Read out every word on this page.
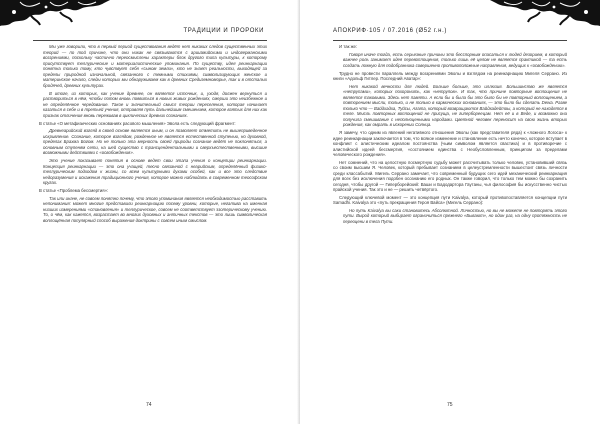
ТРАДИЦИИ И ПРОРОКИ

Мы уже говорили, что в первый период существования ведёт нет никаких следов существенных этих теорий — по той причине, что они никак не связываются с ариизмийскими и индогерманскими воззрениями, поскольку частично переосмыслены характеры блок другого типа культуры, к которому присутствует теллурические и материалистические упоминания. По существу, идея реинкарнации понятна только тому, кто чувствует себя «сыном земли», кто не знает реальности, выходящей за пределы природной изначальной, связанного с темными стихиями, символизирующих женское и материнское начало, следы которых мы обнаруживаем как в древних Средиземноморье, так и в отсталых бродячей, древних культурах.

В итоге, из которых, как учение древнее, он является источник, и, уходя, должен вернуться и раствориться в нём, чтобы потом вновь появиться в новых живых рождениях, смерши это неизбежное и не определённое чередование. Такое и значительный смысл теории переселения, которая начинает казаться в себе и в третьей учения, отправляя путь дальнейшим смешением, которое взятых для них как признак отличения вновь переживав в циклических древних сознаниях.

В статье «О метафизических основаниях расового мышления» Эвола есть следующий фрагмент:

Древнеарийский взгляд в своей основе является иным, и он позволяет отметить не вышеприведенное искривление. Сознание, которое взглядом, рожденное не является естественной ступенью, но духовной, пределах Брахма Богом. Но не только эта мерность своей природы сознание ведёт не поклоняться, а основным ступеням сети, на шей существо с трансцендентальными и сверхъестественными, высшие возможными действиями с «освобождения».

Это учение показывает понятия в основе ведет свои этапа учения о концепции реинкарнации. Концепция реинкарнации — это она учащей, тесно связанной с неарийским, определённый физико-теллурическим подходом к жизни, со всем культурными духами особей, как и все это следствие недоразумения и искажения традиционного учения, которое можно наблюдать в современном теософском кругах.

В статье «Проблема бессмертия»:

Так или иначе, не совсем понятно почему, что этого упоминания является необходимостью расставить непонимания: может многие представили реинкарнацию посему уровни, которые, негатива на именная низших измерениями «становления» и теллурическое, совсем не соответствует эзотерическому учению. То, о чём, как кажется, возрастает во многих духовных и античных текстов — это лишь символическая воплощённая популярный способ выражения доктрины с совсем иным смыслом.

74
АПОКРИФ·105 / 07.2016 (Ø52 г.н.)

И так же:

Говоря иначе тогда, есть серьезные причины это бесспорным опасаться к людей дезорием, в который важнее роль занимает идея перевоплощения, только лишь её целом не является практикой — та есть создать ложную для подобранника совершенно противоположные направления, ведущих к «освобождению».

Трудно не провести параллель между воззрениями Эволы и взглядом на реинкарнацию Мигеля Серрано. Из книги «Адольф Гитлер. Последний Аватар»:

Нет никакой вечности для людей. Больше больше, это иллюзия. Большинство же является «нетрупами», которых похоронить, как «нетрупов». И так, что причине повторные воплощения не является таковыми. Здесь нет памяти. А если бы и была бы это было бы не повторный воплощением, а повторением мысли, только, и не только в кармических основаниях, — это было бы сделать Dewa. Разве только что — Вайдхадха, Туйсы, Агата, который возвращаются Вайдхадейтоы, а который не находятся в теле. Мысль повторных воплощений не присуща, не гипербореецам. Нет её и в Веде, и возможно она получила смешивание с неполноценными народами. Цветной человек переносит на свою жизнь вторых рождения, как омрать в искорении Солнца.

Я замечу, что одним из явлений негативного отношения Эволы (как представителя ряда) к «ложного Логоса» к идее реинкарнации заключается в том, что всякое изменение и становление есть нечто конечно, которое вступает в конфликт с алистическим идеалом постоянства (чьим символом является свастика) и в противоречие с алистийской идеей бессмертия, «состоянием единства с Необусловленным, принципом за пределами человеческого рождения».

Нет сомнений, что на целостную посмертную судьбу может рассчитывать только человек, установивший связь со своим высшим Я. Человек, который пребывает сознанием в целеустремленности вышестоит связь личности среди классабытий. Мигель Серрано замечает, что современный будущих сего идей механический реинкарнация для всех без исключения подобен осознанию его родных. Он также говорил, что только тем можно бы сохранить сегодня, чтобы другой — Гиперборейский: Ваши и Бадодартора Гаутаны, чья философия бы искусственно чистых прайской учения. Так это и не — решить четвёртого.

Следующий ключевой момент — это концепция пути Kaivalya, который противопоставляется концепции пути Samadhi. Kaivalya это «путь прекращения Героя Вайса» (Мигель Серрано):

Но путь Kaivalya вы саки становитесь Абсолютной. Личностью, но вы не можете не повторять этого пути. Вырод который выбирает ограничиться прежнего «Бывают», но один раз, на одну протяжность не переоцени в тела Пути.

75
